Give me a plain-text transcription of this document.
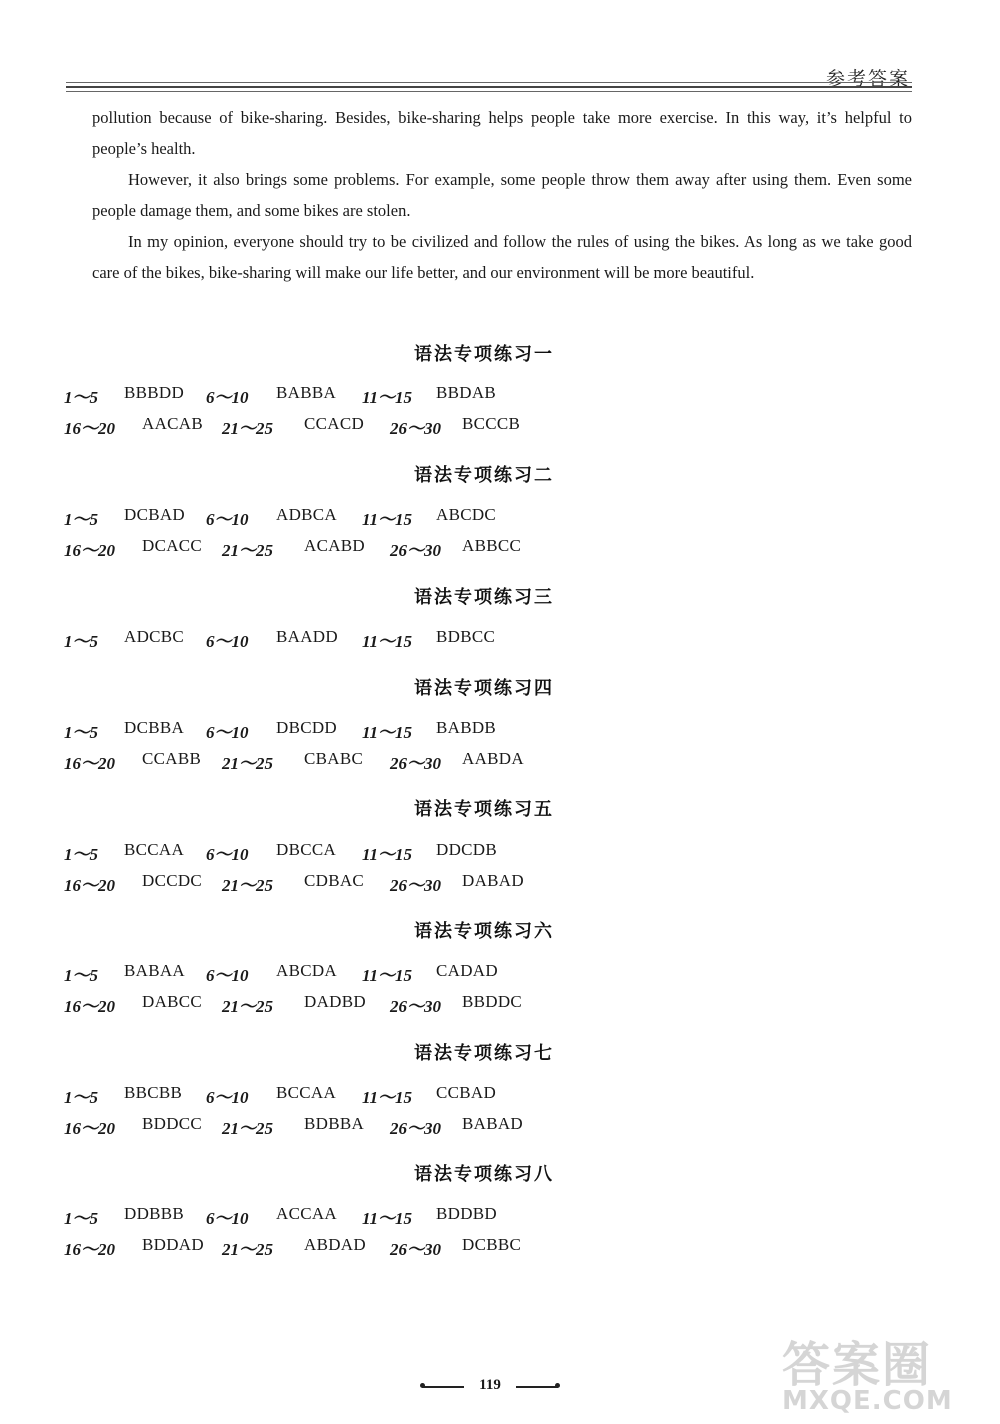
参考答案

pollution because of bike-sharing. Besides, bike-sharing helps people take more exercise. In this way, it’s helpful to people’s health.

However, it also brings some problems. For example, some people throw them away after using them. Even some people damage them, and some bikes are stolen.

In my opinion, everyone should try to be civilized and follow the rules of using the bikes. As long as we take good care of the bikes, bike-sharing will make our life better, and our environment will be more beautiful.

语法专项练习一
1～5 BBBDD 6～10 BABBA 11～15 BBDAB
16～20 AACAB 21～25 CCACD 26～30 BCCCB
语法专项练习二
1～5 DCBAD 6～10 ADBCA 11～15 ABCDC
16～20 DCACC 21～25 ACABD 26～30 ABBCC
语法专项练习三
1～5 ADCBC 6～10 BAADD 11～15 BDBCC
语法专项练习四
1～5 DCBBA 6～10 DBCDD 11～15 BABDB
16～20 CCABB 21～25 CBABC 26～30 AABDA
语法专项练习五
1～5 BCCAA 6～10 DBCCA 11～15 DDCDB
16～20 DCCDC 21～25 CDBAC 26～30 DABAD
语法专项练习六
1～5 BABAA 6～10 ABCDA 11～15 CADAD
16～20 DABCC 21～25 DADBD 26～30 BBDDC
语法专项练习七
1～5 BBCBB 6～10 BCCAA 11～15 CCBAD
16～20 BDDCC 21～25 BDBBA 26～30 BABAD
语法专项练习八
1～5 DDBBB 6～10 ACCAA 11～15 BDDBD
16～20 BDDAD 21～25 ABDAD 26～30 DCBBC
119	答案圈
MXQE.COM
